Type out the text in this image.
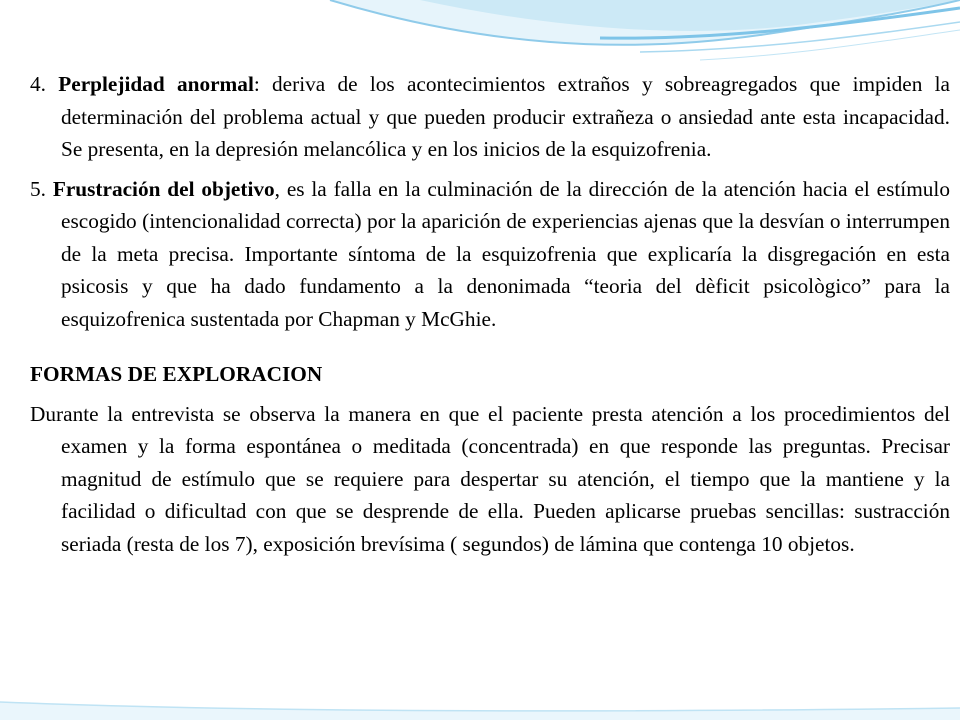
4. Perplejidad anormal: deriva de los acontecimientos extraños y sobreagregados que impiden la determinación del problema actual y que pueden producir extrañeza o ansiedad ante esta incapacidad. Se presenta, en la depresión melancólica y en los inicios de la esquizofrenia.

5. Frustración del objetivo, es la falla en la culminación de la dirección de la atención hacia el estímulo escogido (intencionalidad correcta) por la aparición de experiencias ajenas que la desvían o interrumpen de la meta precisa. Importante síntoma de la esquizofrenia que explicaría la disgregación en esta psicosis y que ha dado fundamento a la denonimada “teoria del dèficit psicològico” para la esquizofrenica sustentada por Chapman y McGhie.

FORMAS DE EXPLORACION

Durante la entrevista se observa la manera en que el paciente presta atención a los procedimientos del examen y la forma espontánea o meditada (concentrada) en que responde las preguntas. Precisar magnitud de estímulo que se requiere para despertar su atención, el tiempo que la mantiene y la facilidad o dificultad con que se desprende de ella. Pueden aplicarse pruebas sencillas: sustracción seriada (resta de los 7), exposición brevísima ( segundos) de lámina que contenga 10 objetos.
